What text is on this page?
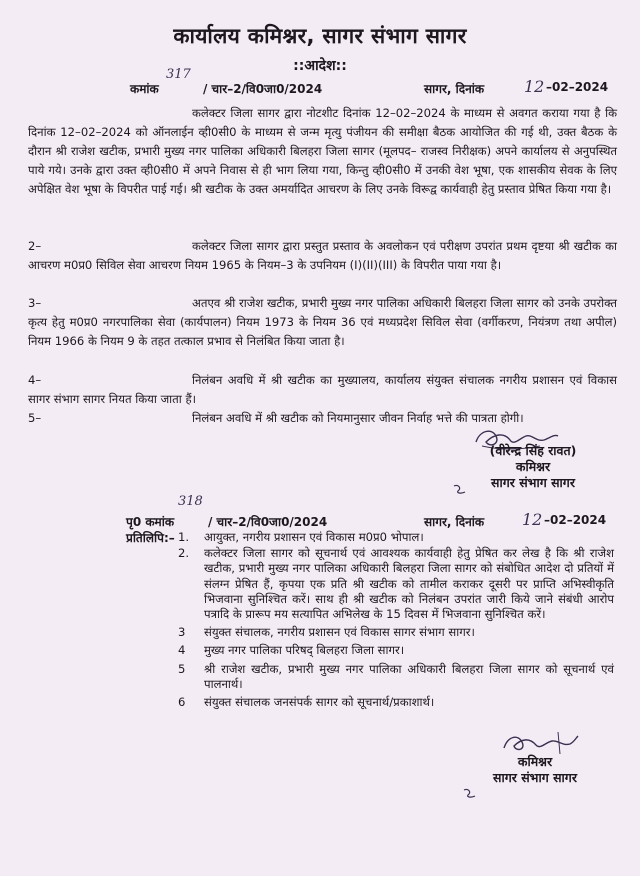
कार्यालय कमिश्नर, सागर संभाग सागर
::आदेश::
कमांक
317
/ चार–2/वि0जा0/2024	सागर, दिनांक 12 –02–2024

कलेक्टर जिला सागर द्वारा नोटशीट दिनांक 12–02–2024 के माध्यम से अवगत कराया गया है कि दिनांक 12–02–2024 को ऑनलाईन व्ही0सी0 के माध्यम से जन्म मृत्यु पंजीयन की समीक्षा बैठक आयोजित की गई थी, उक्त बैठक के दौरान श्री राजेश खटीक, प्रभारी मुख्य नगर पालिका अधिकारी बिलहरा जिला सागर (मूलपद– राजस्व निरीक्षक) अपने कार्यालय से अनुपस्थित पाये गये। उनके द्वारा उक्त व्ही0सी0 में अपने निवास से ही भाग लिया गया, किन्तु व्ही0सी0 में उनकी वेश भूषा, एक शासकीय सेवक के लिए अपेक्षित वेश भूषा के विपरीत पाई गई। श्री खटीक के उक्त अमर्यादित आचरण के लिए उनके विरूद्व कार्यवाही हेतु प्रस्ताव प्रेषित किया गया है।

2–	कलेक्टर जिला सागर द्वारा प्रस्तुत प्रस्ताव के अवलोकन एवं परीक्षण उपरांत प्रथम दृष्टया श्री खटीक का आचरण म0प्र0 सिविल सेवा आचरण नियम 1965 के नियम–3 के उपनियम (I)(II)(III) के विपरीत पाया गया है।

3–	अतएव श्री राजेश खटीक, प्रभारी मुख्य नगर पालिका अधिकारी बिलहरा जिला सागर को उनके उपरोक्त कृत्य हेतु म0प्र0 नगरपालिका सेवा (कार्यपालन) नियम 1973 के नियम 36 एवं मध्यप्रदेश सिविल सेवा (वर्गीकरण, नियंत्रण तथा अपील) नियम 1966 के नियम 9 के तहत तत्काल प्रभाव से निलंबित किया जाता है।

4–	निलंबन अवधि में श्री खटीक का मुख्यालय, कार्यालय संयुक्त संचालक नगरीय प्रशासन एवं विकास सागर संभाग सागर नियत किया जाता हैं।

5–	निलंबन अवधि में श्री खटीक को नियमानुसार जीवन निर्वाह भत्ते की पात्रता होगी।

(वीरेन्द्र सिंह रावत)
कमिश्नर
सागर संभाग सागर
318
पृ0 कमांक	/ चार–2/वि0जा0/2024	सागर, दिनांक 12 –02–2024
प्रतिलिपि:– 1. आयुक्त, नगरीय प्रशासन एवं विकास म0प्र0 भोपाल।
2. कलेक्टर जिला सागर को सूचनार्थ एवं आवश्यक कार्यवाही हेतु प्रेषित कर लेख है कि श्री राजेश खटीक, प्रभारी मुख्य नगर पालिका अधिकारी बिलहरा जिला सागर को संबोधित आदेश दो प्रतियों में संलग्न प्रेषित हैं, कृपया एक प्रति श्री खटीक को तामील कराकर दूसरी पर प्राप्ति अभिस्वीकृति भिजवाना सुनिश्चित करें। साथ ही श्री खटीक को निलंबन उपरांत जारी किये जाने संबंधी आरोप पत्रादि के प्रारूप मय सत्यापित अभिलेख के 15 दिवस में भिजवाना सुनिश्चित करें।
3 संयुक्त संचालक, नगरीय प्रशासन एवं विकास सागर संभाग सागर।
4 मुख्य नगर पालिका परिषद् बिलहरा जिला सागर।
5 श्री राजेश खटीक, प्रभारी मुख्य नगर पालिका अधिकारी बिलहरा जिला सागर को सूचनार्थ एवं पालनार्थ।
6 संयुक्त संचालक जनसंपर्क सागर को सूचनार्थ/प्रकाशार्थ।
कमिश्नर
सागर संभाग सागर
